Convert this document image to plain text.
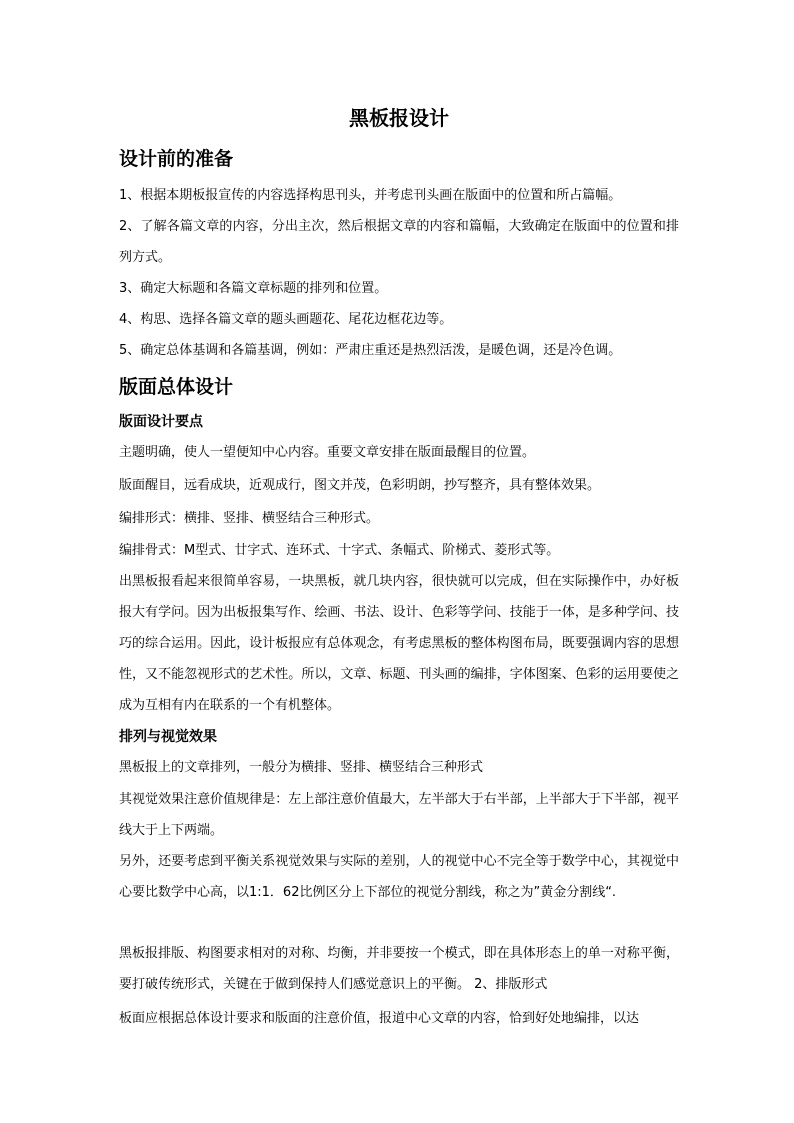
黑板报设计
设计前的准备
1、根据本期板报宣传的内容选择构思刊头，并考虑刊头画在版面中的位置和所占篇幅。
2、了解各篇文章的内容，分出主次，然后根据文章的内容和篇幅，大致确定在版面中的位置和排列方式。
3、确定大标题和各篇文章标题的排列和位置。
4、构思、选择各篇文章的题头画题花、尾花边框花边等。
5、确定总体基调和各篇基调，例如：严肃庄重还是热烈活泼，是暖色调，还是冷色调。
版面总体设计
版面设计要点
主题明确，使人一望便知中心内容。重要文章安排在版面最醒目的位置。
版面醒目，远看成块，近观成行，图文并茂，色彩明朗，抄写整齐，具有整体效果。
编排形式：横排、竖排、横竖结合三种形式。
编排骨式：M型式、廿字式、连环式、十字式、条幅式、阶梯式、菱形式等。
出黑板报看起来很简单容易，一块黑板，就几块内容，很快就可以完成，但在实际操作中，办好板报大有学问。因为出板报集写作、绘画、书法、设计、色彩等学问、技能于一体，是多种学问、技巧的综合运用。因此，设计板报应有总体观念，有考虑黑板的整体构图布局，既要强调内容的思想性，又不能忽视形式的艺术性。所以，文章、标题、刊头画的编排，字体图案、色彩的运用要使之成为互相有内在联系的一个有机整体。
排列与视觉效果
黑板报上的文章排列，一般分为横排、竖排、横竖结合三种形式
其视觉效果注意价值规律是：左上部注意价值最大，左半部大于右半部，上半部大于下半部，视平线大于上下两端。
另外，还要考虑到平衡关系视觉效果与实际的差别，人的视觉中心不完全等于数学中心，其视觉中心要比数学中心高，以1:1．62比例区分上下部位的视觉分割线，称之为”黄金分割线“.
黑板报排版、构图要求相对的对称、均衡，并非要按一个模式，即在具体形态上的单一对称平衡，要打破传统形式，关键在于做到保持人们感觉意识上的平衡。 2、排版形式
板面应根据总体设计要求和版面的注意价值，报道中心文章的内容，恰到好处地编排，以达
